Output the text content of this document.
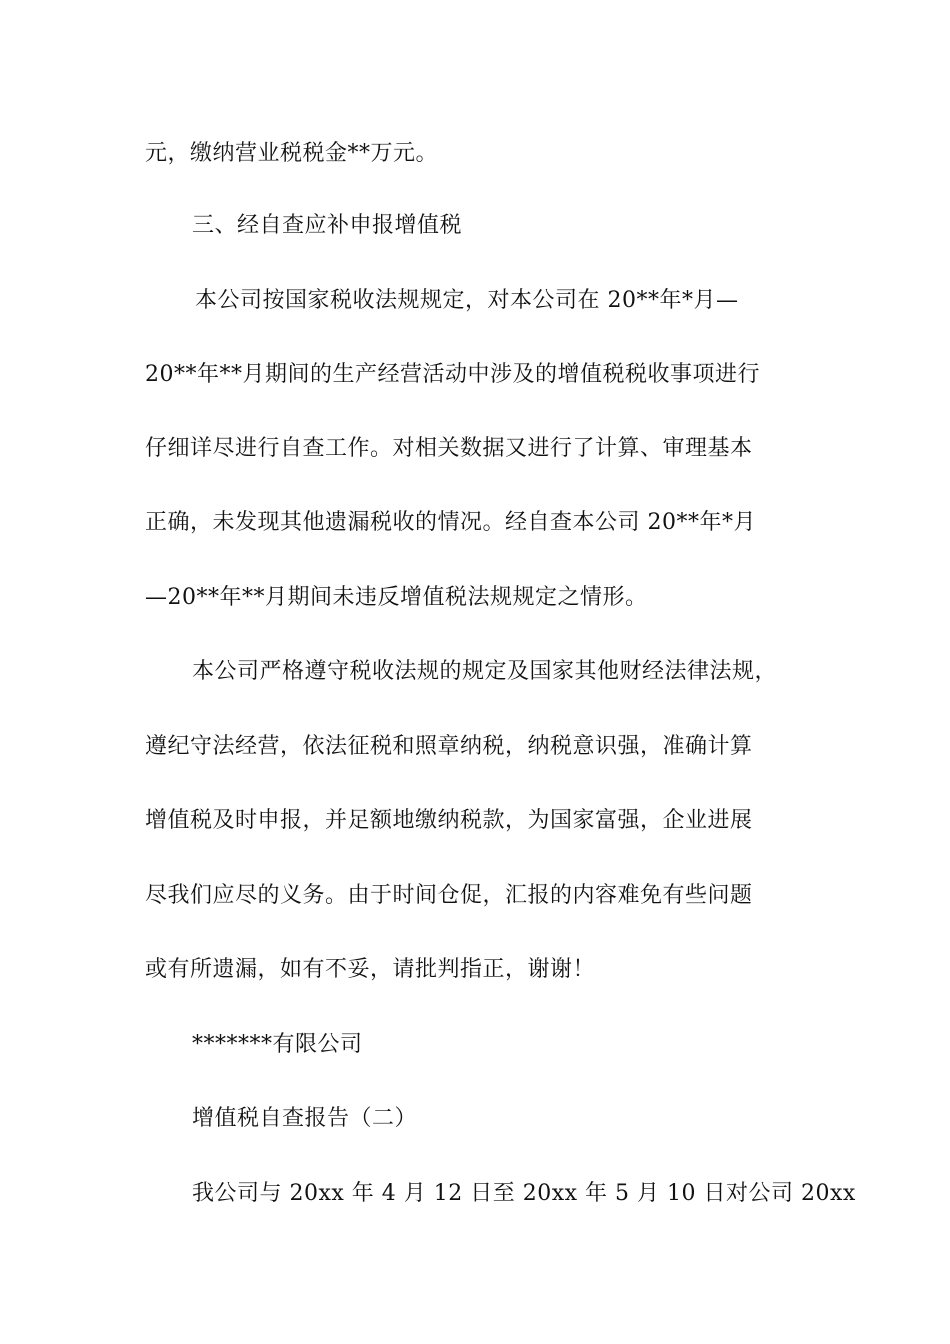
元，缴纳营业税税金**万元。
三、经自查应补申报增值税
本公司按国家税收法规规定，对本公司在 20**年*月—
20**年**月期间的生产经营活动中涉及的增值税税收事项进行
仔细详尽进行自查工作。对相关数据又进行了计算、审理基本
正确，未发现其他遗漏税收的情况。经自查本公司 20**年*月
—20**年**月期间未违反增值税法规规定之情形。
本公司严格遵守税收法规的规定及国家其他财经法律法规，
遵纪守法经营，依法征税和照章纳税，纳税意识强，准确计算
增值税及时申报，并足额地缴纳税款，为国家富强，企业进展
尽我们应尽的义务。由于时间仓促，汇报的内容难免有些问题
或有所遗漏，如有不妥，请批判指正，谢谢！
*******有限公司
增值税自查报告（二）
我公司与 20xx 年 4 月 12 日至 20xx 年 5 月 10 日对公司 20xx
